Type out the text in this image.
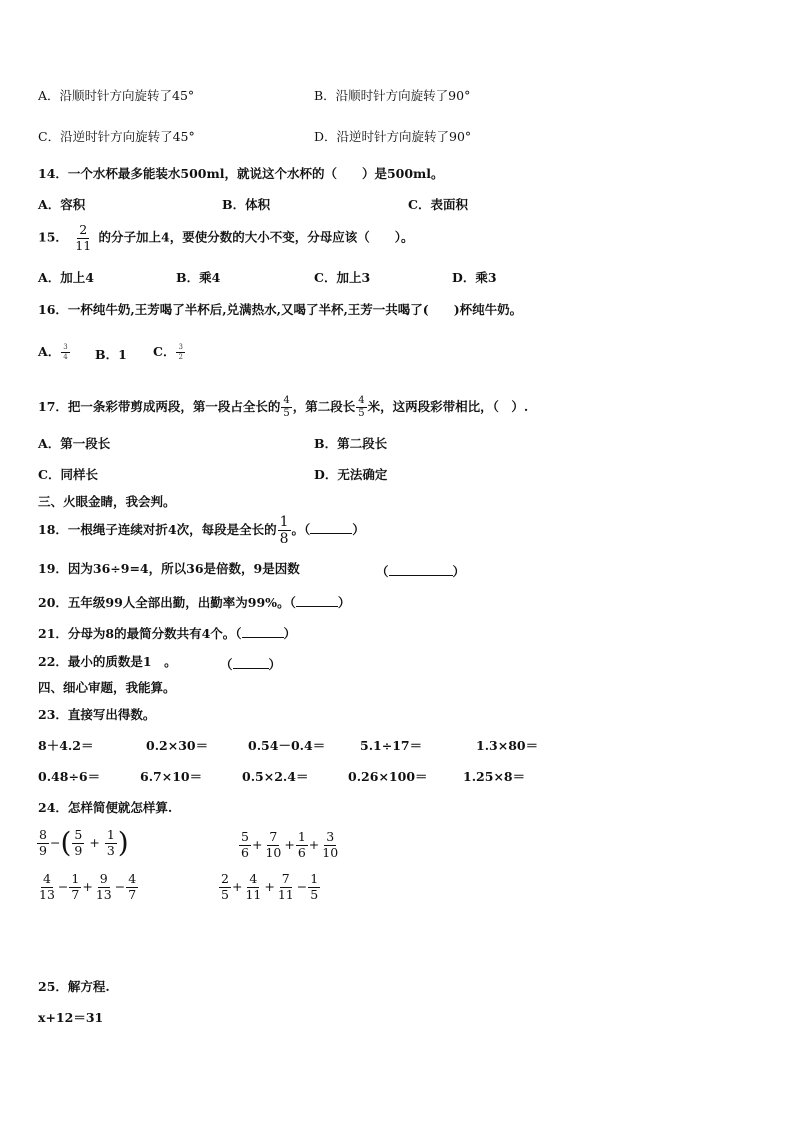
A．沿顺时针方向旋转了45°	B．沿顺时针方向旋转了90°
C．沿逆时针方向旋转了45°	D．沿逆时针方向旋转了90°
14．一个水杯最多能装水500ml，就说这个水杯的（　　）是500ml。
A．容积	B．体积	C．表面积
15． $\frac{2}{11}$ 的分子加上4，要使分数的大小不变，分母应该（　　）。
A．加上4	B．乘4	C．加上3	D．乘3
16．一杯纯牛奶,王芳喝了半杯后,兑满热水,又喝了半杯,王芳一共喝了(　　)杯纯牛奶。
A． $\frac{3}{4}$ B．1 C． $\frac{3}{2}$
17．把一条彩带剪成两段，第一段占全长的 $\frac{4}{5}$ ，第二段长 $\frac{4}{5}$ 米，这两段彩带相比，（　）.
A．第一段长	B．第二段长
C．同样长	D．无法确定
三、火眼金睛，我会判。
18．一根绳子连续对折4次，每段是全长的 $\frac{1}{8}$ 。（	）
19．因为36÷9=4，所以36是倍数，9是因数	（	）
20．五年级99人全部出勤，出勤率为99%。（	）
21．分母为8的最简分数共有4个。（	）
22．最小的质数是1　。	（	）
四、细心审题，我能算。
23．直接写出得数。
8＋4.2＝	0.2×30＝	0.54－0.4＝	5.1÷17＝	1.3×80＝
0.48÷6＝	6.7×10＝	0.5×2.4＝	0.26×100＝	1.25×8＝
24．怎样简便就怎样算.
$\frac{8}{9}$ −( $\frac{5}{9} + \frac{1}{3}$ )	$\frac{5}{6} + \frac{7}{10} + \frac{1}{6} + \frac{3}{10}$
$\frac{4}{13} - \frac{1}{7} + \frac{9}{13} - \frac{4}{7}$	$\frac{2}{5} + \frac{4}{11} + \frac{7}{11} - \frac{1}{5}$
25．解方程.
x+12＝31
